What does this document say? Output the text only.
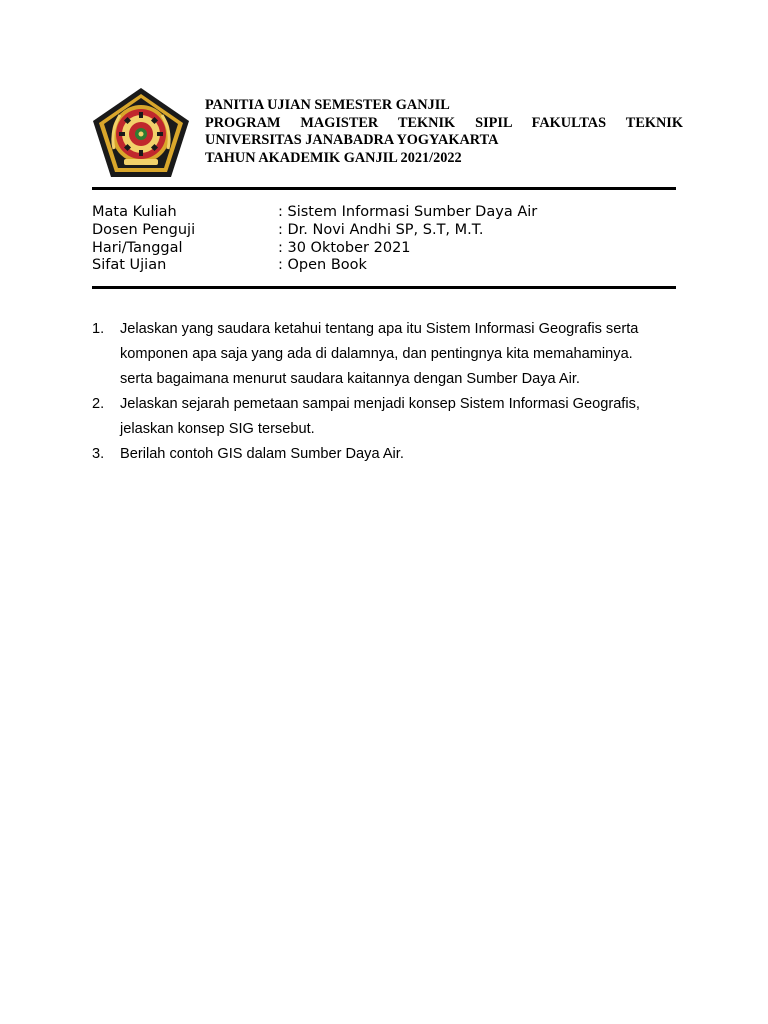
PANITIA UJIAN SEMESTER GANJIL
PROGRAM MAGISTER TEKNIK SIPIL FAKULTAS TEKNIK
UNIVERSITAS JANABADRA YOGYAKARTA
TAHUN AKADEMIK GANJIL 2021/2022
Mata Kuliah	: Sistem Informasi Sumber Daya Air
Dosen Penguji	: Dr. Novi Andhi SP, S.T, M.T.
Hari/Tanggal	: 30 Oktober 2021
Sifat Ujian	: Open Book
1.	Jelaskan yang saudara ketahui tentang apa itu Sistem Informasi Geografis serta
komponen apa saja yang ada di dalamnya, dan pentingnya kita memahaminya.
serta bagaimana menurut saudara kaitannya dengan Sumber Daya Air.
2.	Jelaskan sejarah pemetaan sampai menjadi konsep Sistem Informasi Geografis,
jelaskan konsep SIG tersebut.
3.	Berilah contoh GIS dalam Sumber Daya Air.
